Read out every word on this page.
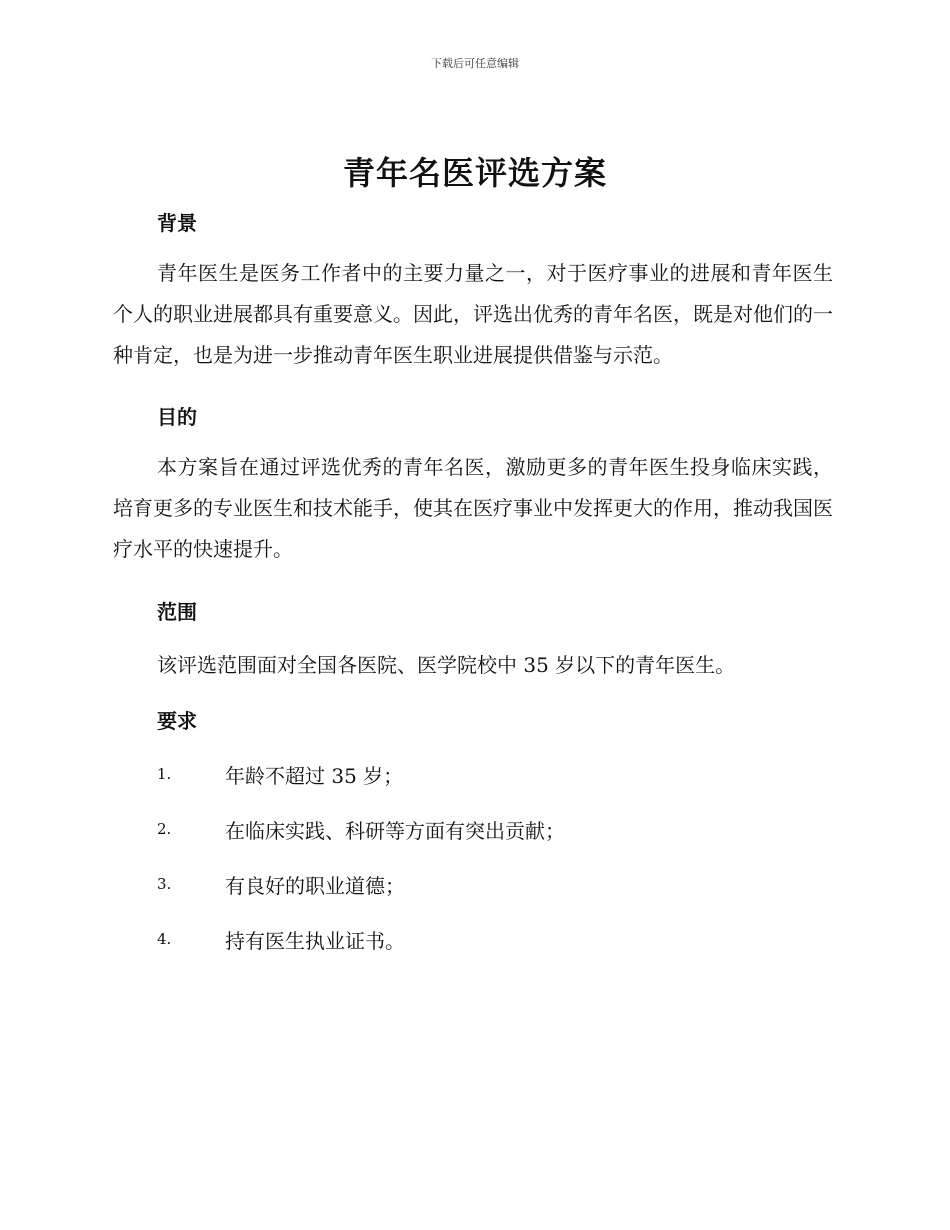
下载后可任意编辑
青年名医评选方案
背景
青年医生是医务工作者中的主要力量之一，对于医疗事业的进展和青年医生个人的职业进展都具有重要意义。因此，评选出优秀的青年名医，既是对他们的一种肯定，也是为进一步推动青年医生职业进展提供借鉴与示范。
目的
本方案旨在通过评选优秀的青年名医，激励更多的青年医生投身临床实践，培育更多的专业医生和技术能手，使其在医疗事业中发挥更大的作用，推动我国医疗水平的快速提升。
范围
该评选范围面对全国各医院、医学院校中 35 岁以下的青年医生。
要求
1.	年龄不超过 35 岁；
2.	在临床实践、科研等方面有突出贡献；
3.	有良好的职业道德；
4.	持有医生执业证书。
